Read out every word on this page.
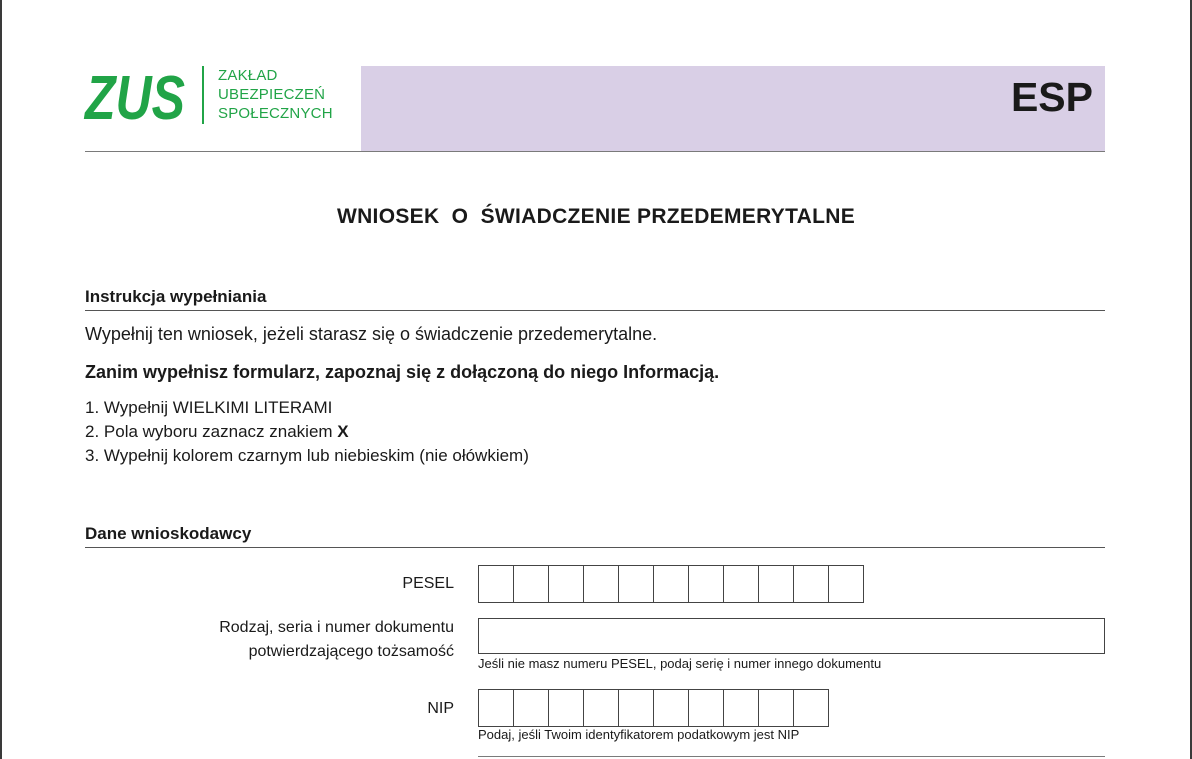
ZUS ZAKŁAD
UBEZPIECZEŃ
SPOŁECZNYCH	ESP
WNIOSEK  O  ŚWIADCZENIE PRZEDEMERYTALNE
Instrukcja wypełniania
Wypełnij ten wniosek, jeżeli starasz się o świadczenie przedemerytalne.
Zanim wypełnisz formularz, zapoznaj się z dołączoną do niego Informacją.
1. Wypełnij WIELKIMI LITERAMI
2. Pola wyboru zaznacz znakiem X
3. Wypełnij kolorem czarnym lub niebieskim (nie ołówkiem)
Dane wnioskodawcy
PESEL
Rodzaj, seria i numer dokumentu
potwierdzającego tożsamość
Jeśli nie masz numeru PESEL, podaj serię i numer innego dokumentu
NIP
Podaj, jeśli Twoim identyfikatorem podatkowym jest NIP
